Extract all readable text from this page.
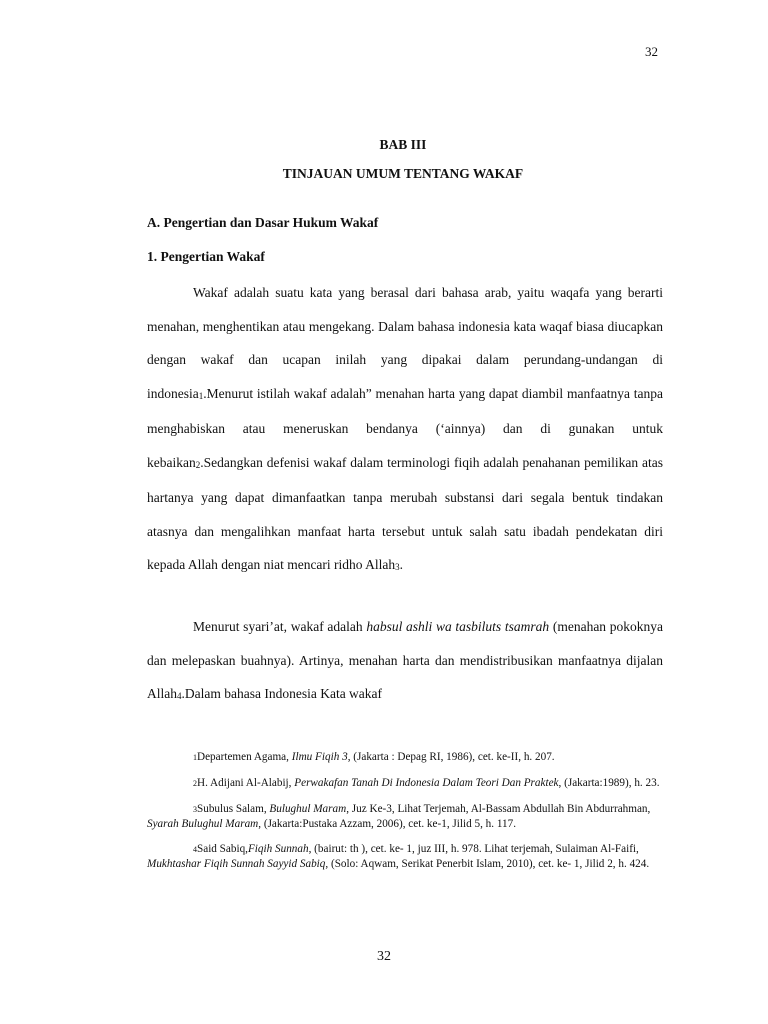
32
BAB III
TINJAUAN UMUM TENTANG WAKAF
A. Pengertian dan Dasar Hukum Wakaf
1. Pengertian Wakaf

Wakaf adalah suatu kata yang berasal dari bahasa arab, yaitu waqafa yang berarti menahan, menghentikan atau mengekang. Dalam bahasa indonesia kata waqaf biasa diucapkan dengan wakaf dan ucapan inilah yang dipakai dalam perundang-undangan di indonesia$^1$.Menurut istilah wakaf adalah” menahan harta yang dapat diambil manfaatnya tanpa menghabiskan atau meneruskan bendanya (‘ainnya) dan di gunakan untuk kebaikan$^2$.Sedangkan defenisi wakaf dalam terminologi fiqih adalah penahanan pemilikan atas hartanya yang dapat dimanfaatkan tanpa merubah substansi dari segala bentuk tindakan atasnya dan mengalihkan manfaat harta tersebut untuk salah satu ibadah pendekatan diri kepada Allah dengan niat mencari ridho Allah$^3$.

Menurut syari’at, wakaf adalah habsul ashli wa tasbiluts tsamrah (menahan pokoknya dan melepaskan buahnya). Artinya, menahan harta dan mendistribusikan manfaatnya dijalan Allah$^4$.Dalam bahasa Indonesia Kata wakaf

1Departemen Agama, Ilmu Fiqih 3, (Jakarta : Depag RI, 1986), cet. ke-II, h. 207.

2H. Adijani Al-Alabij, Perwakafan Tanah Di Indonesia Dalam Teori Dan Praktek, (Jakarta:1989), h. 23.

3Subulus Salam, Bulughul Maram, Juz Ke-3, Lihat Terjemah, Al-Bassam Abdullah Bin Abdurrahman, Syarah Bulughul Maram, (Jakarta:Pustaka Azzam, 2006), cet. ke-1, Jilid 5, h. 117.

4Said Sabiq,Fiqih Sunnah, (bairut: th ), cet. ke- 1, juz III, h. 978. Lihat terjemah, Sulaiman Al-Faifi, Mukhtashar Fiqih Sunnah Sayyid Sabiq, (Solo: Aqwam, Serikat Penerbit Islam, 2010), cet. ke- 1, Jilid 2, h. 424.

32
